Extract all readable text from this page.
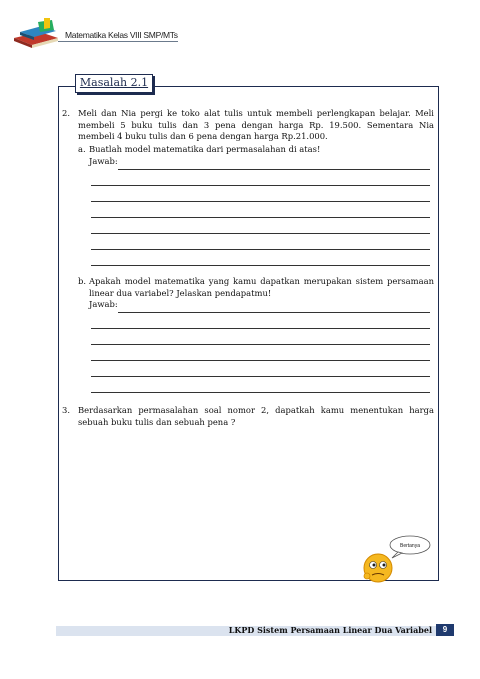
Matematika Kelas VIII SMP/MTs
Masalah 2.1
2. Meli dan Nia pergi ke toko alat tulis untuk membeli perlengkapan belajar. Meli membeli 5 buku tulis dan 3 pena dengan harga Rp. 19.500. Sementara Nia membeli 4 buku tulis dan 6 pena dengan harga Rp.21.000.
a. Buatlah model matematika dari permasalahan di atas!
Jawab:
b. Apakah model matematika yang kamu dapatkan merupakan sistem persamaan linear dua variabel? Jelaskan pendapatmu!
Jawab:
3. Berdasarkan permasalahan soal nomor 2, dapatkah kamu menentukan harga sebuah buku tulis dan sebuah pena ?
Bertanya
LKPD Sistem Persamaan Linear Dua Variabel	9
